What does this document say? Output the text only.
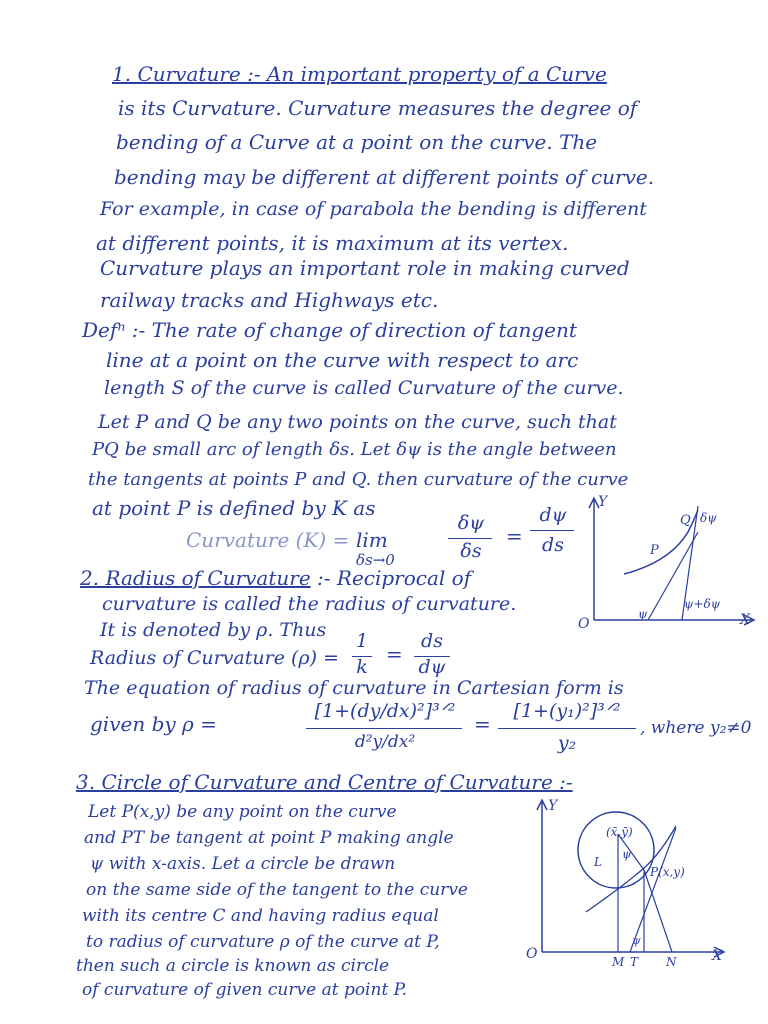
1. Curvature :- An important property of a Curve
is its Curvature. Curvature measures the degree of
bending of a Curve at a point on the curve. The
bending may be different at different points of curve.
For example, in case of parabola the bending is different
at different points, it is maximum at its vertex.
Curvature plays an important role in making curved
railway tracks and Highways etc.
Defⁿ :- The rate of change of direction of tangent
line at a point on the curve with respect to arc
length S of the curve is called Curvature of the curve.
Let P and Q be any two points on the curve, such that
PQ be small arc of length δs. Let δψ is the angle between
the tangents at points P and Q. then curvature of the curve
at point P is defined by K as
Curvature (K) = lim
δs→0
δψ
δs
=
dψ
ds
Y
X
O
Q
P
δψ
ψ
ψ+δψ
2. Radius of Curvature :- Reciprocal of
curvature is called the radius of curvature.
It is denoted by ρ. Thus
Radius of Curvature (ρ) =
1
k
=
ds
dψ
The equation of radius of curvature in Cartesian form is
given by ρ =
[1+(dy/dx)²]³ᐟ²
d²y/dx²
=
[1+(y₁)²]³ᐟ²
y₂
, where y₂≠0
3. Circle of Curvature and Centre of Curvature :-
Let P(x,y) be any point on the curve
and PT be tangent at point P making angle
ψ with x-axis. Let a circle be drawn
on the same side of the tangent to the curve
with its centre C and having radius equal
to radius of curvature ρ of the curve at P,
then such a circle is known as circle
of curvature of given curve at point P.
Y
X
O
(x̄,ȳ)
L
ψ
P(x,y)
M T N
ψ
